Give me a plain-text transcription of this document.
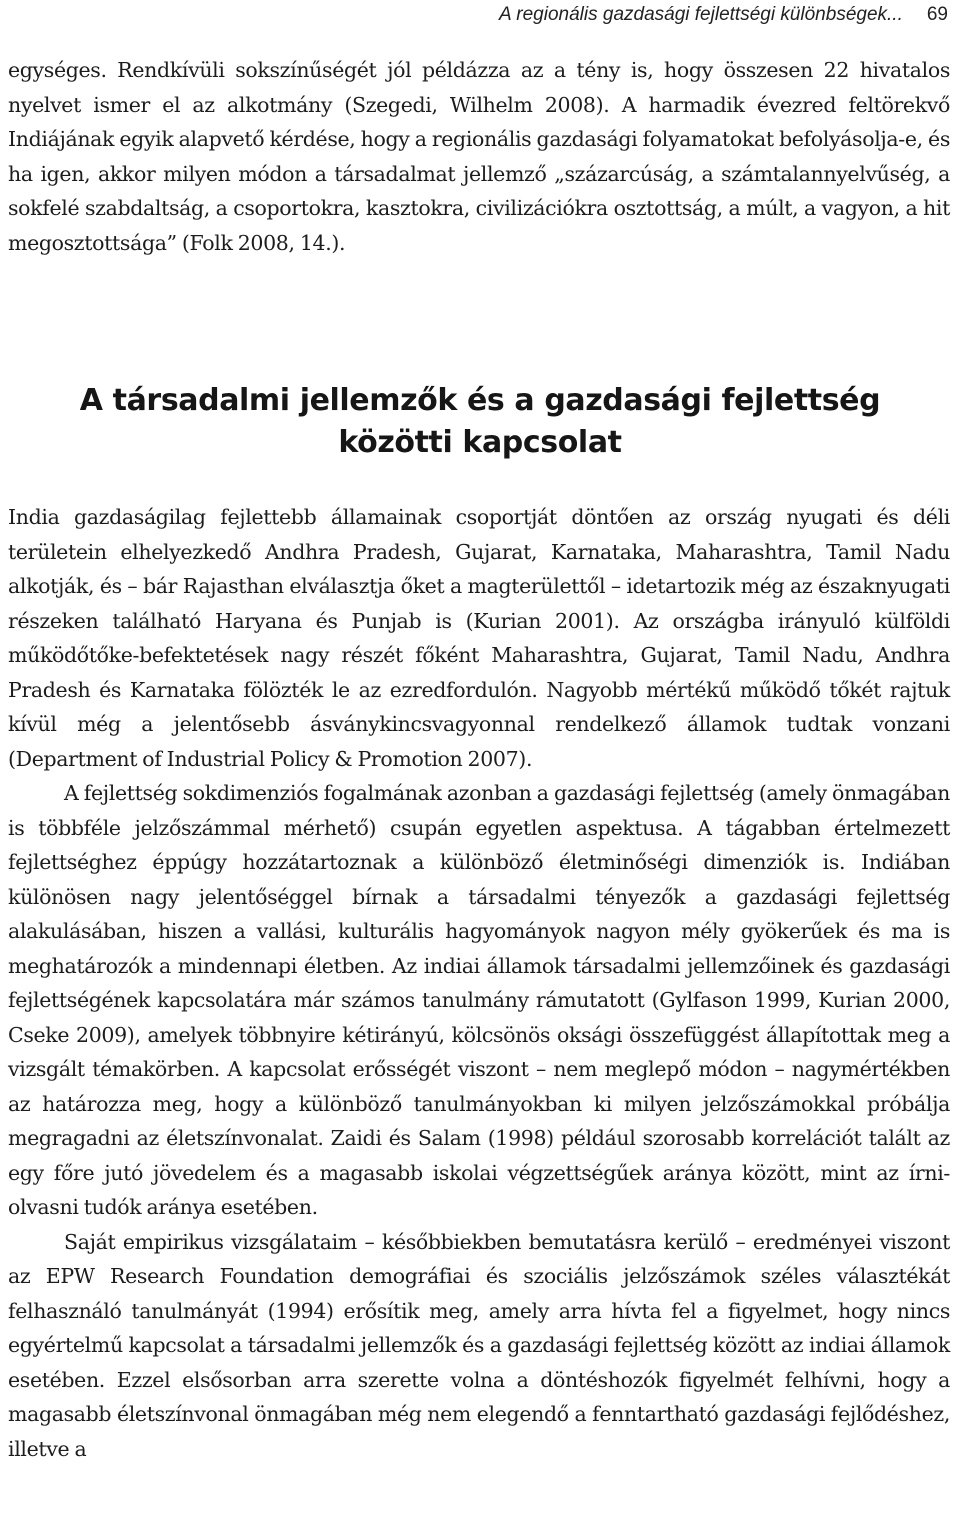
A regionális gazdasági fejlettségi különbségek... 69

egységes. Rendkívüli sokszínűségét jól példázza az a tény is, hogy összesen 22 hivatalos nyelvet ismer el az alkotmány (Szegedi, Wilhelm 2008). A harmadik évezred feltörekvő Indiájának egyik alapvető kérdése, hogy a regionális gazdasági folyamatokat befolyásolja-e, és ha igen, akkor milyen módon a társadalmat jellemző „százarcúság, a számtalannyelvűség, a sokfelé szabdaltság, a csoportokra, kasztokra, civilizációkra osztottság, a múlt, a vagyon, a hit megosztottsága” (Folk 2008, 14.).

A társadalmi jellemzők és a gazdasági fejlettség
közötti kapcsolat

India gazdaságilag fejlettebb államainak csoportját döntően az ország nyugati és déli területein elhelyezkedő Andhra Pradesh, Gujarat, Karnataka, Maharashtra, Tamil Nadu alkotják, és – bár Rajasthan elválasztja őket a magterülettől – idetartozik még az északnyugati részeken található Haryana és Punjab is (Kurian 2001). Az országba irányuló külföldi működőtőke-befektetések nagy részét főként Maharashtra, Gujarat, Tamil Nadu, Andhra Pradesh és Karnataka fölözték le az ezredfordulón. Nagyobb mértékű működő tőkét rajtuk kívül még a jelentősebb ásványkincsvagyonnal rendelkező államok tudtak vonzani (Department of Industrial Policy & Promotion 2007).

A fejlettség sokdimenziós fogalmának azonban a gazdasági fejlettség (amely önmagában is többféle jelzőszámmal mérhető) csupán egyetlen aspektusa. A tágabban értelmezett fejlettséghez éppúgy hozzátartoznak a különböző életminőségi dimenziók is. Indiában különösen nagy jelentőséggel bírnak a társadalmi tényezők a gazdasági fejlettség alakulásában, hiszen a vallási, kulturális hagyományok nagyon mély gyökerűek és ma is meghatározók a mindennapi életben. Az indiai államok társadalmi jellemzőinek és gazdasági fejlettségének kapcsolatára már számos tanulmány rámutatott (Gylfason 1999, Kurian 2000, Cseke 2009), amelyek többnyire kétirányú, kölcsönös oksági összefüggést állapítottak meg a vizsgált témakörben. A kapcsolat erősségét viszont – nem meglepő módon – nagymértékben az határozza meg, hogy a különböző tanulmányokban ki milyen jelzőszámokkal próbálja megragadni az életszínvonalat. Zaidi és Salam (1998) például szorosabb korrelációt talált az egy főre jutó jövedelem és a magasabb iskolai végzettségűek aránya között, mint az írni-olvasni tudók aránya esetében.

Saját empirikus vizsgálataim – későbbiekben bemutatásra kerülő – eredményei viszont az EPW Research Foundation demográfiai és szociális jelzőszámok széles választékát felhasználó tanulmányát (1994) erősítik meg, amely arra hívta fel a figyelmet, hogy nincs egyértelmű kapcsolat a társadalmi jellemzők és a gazdasági fejlettség között az indiai államok esetében. Ezzel elsősorban arra szerette volna a döntéshozók figyelmét felhívni, hogy a magasabb életszínvonal önmagában még nem elegendő a fenntartható gazdasági fejlődéshez, illetve a
